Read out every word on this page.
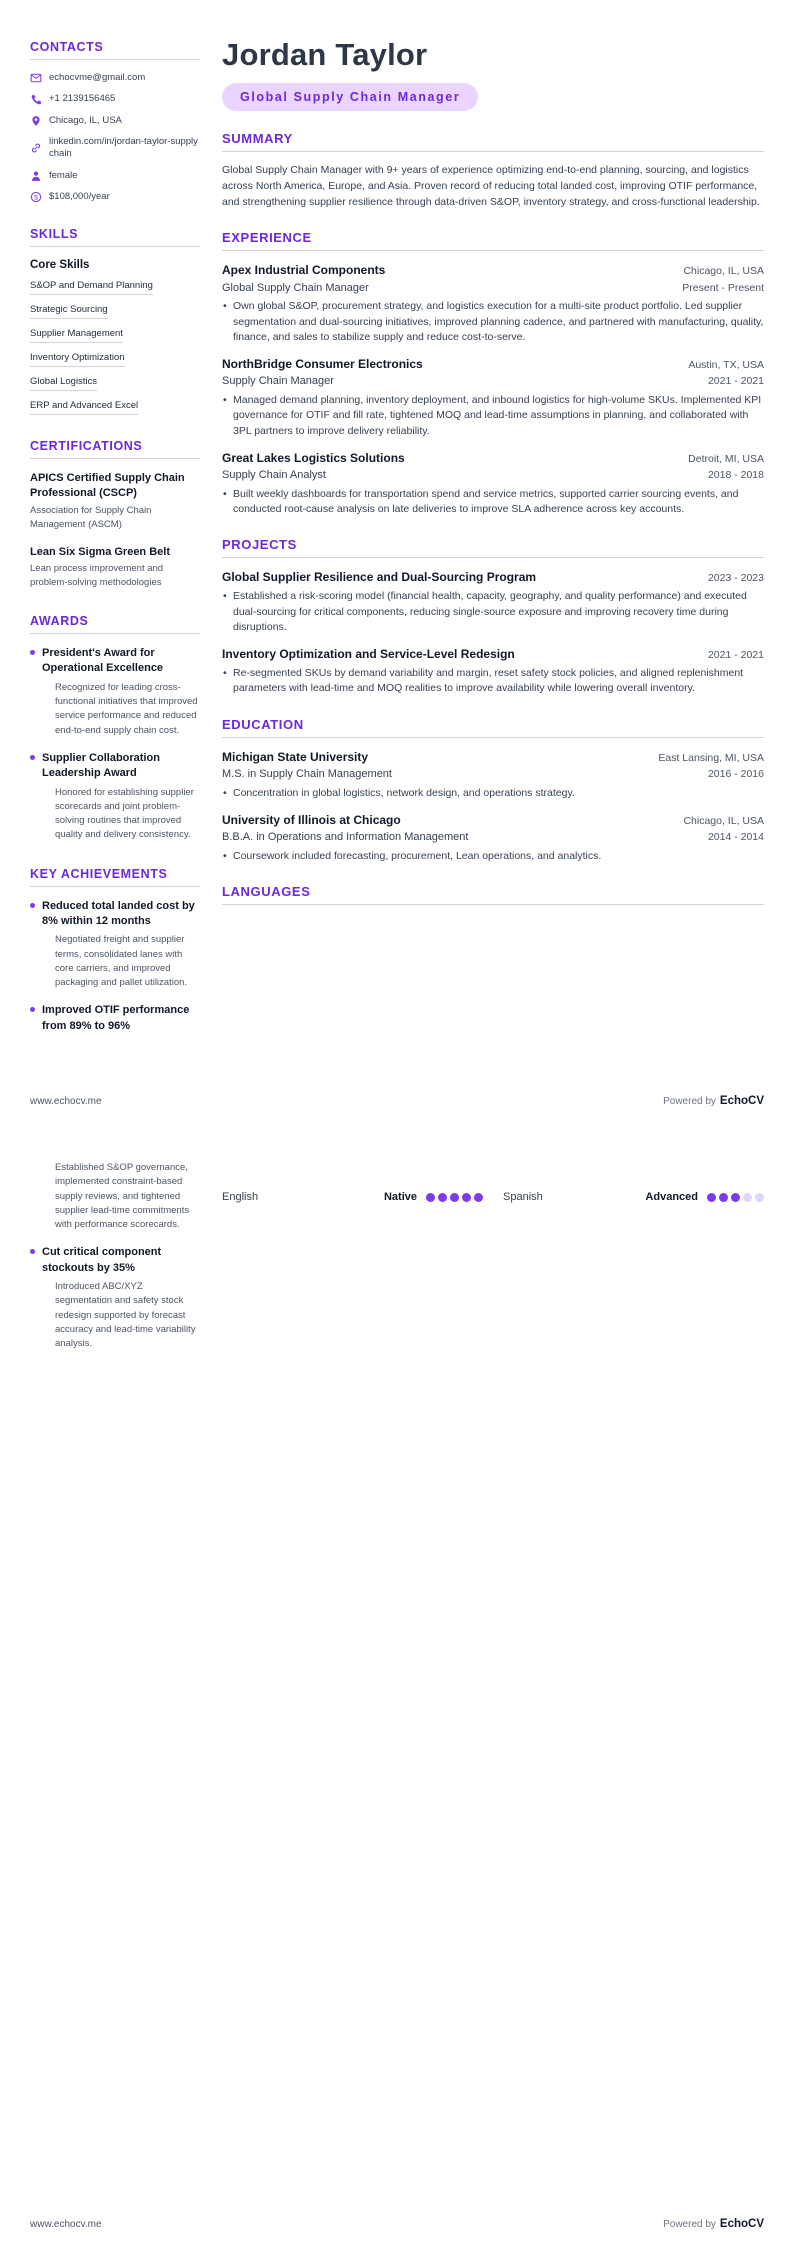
CONTACTS
echocvme@gmail.com
+1 2139156465
Chicago, IL, USA
linkedin.com/in/jordan-taylor-supplychain
female
$ $108,000/year
SKILLS
Core Skills
S&OP and Demand Planning
Strategic Sourcing
Supplier Management
Inventory Optimization
Global Logistics
ERP and Advanced Excel
CERTIFICATIONS
APICS Certified Supply Chain Professional (CSCP)
Association for Supply Chain Management (ASCM)
Lean Six Sigma Green Belt
Lean process improvement and problem-solving methodologies
AWARDS
President's Award for Operational Excellence
Recognized for leading cross-functional initiatives that improved service performance and reduced end-to-end supply chain cost.
Supplier Collaboration Leadership Award
Honored for establishing supplier scorecards and joint problem-solving routines that improved quality and delivery consistency.
KEY ACHIEVEMENTS
Reduced total landed cost by 8% within 12 months
Negotiated freight and supplier terms, consolidated lanes with core carriers, and improved packaging and pallet utilization.
Improved OTIF performance from 89% to 96%
Jordan Taylor
Global Supply Chain Manager
SUMMARY

Global Supply Chain Manager with 9+ years of experience optimizing end-to-end planning, sourcing, and logistics across North America, Europe, and Asia. Proven record of reducing total landed cost, improving OTIF performance, and strengthening supplier resilience through data-driven S&OP, inventory strategy, and cross-functional leadership.

EXPERIENCE
Apex Industrial Components	Chicago, IL, USA
Global Supply Chain Manager	Present - Present
• Own global S&OP, procurement strategy, and logistics execution for a multi-site product portfolio. Led supplier segmentation and dual-sourcing initiatives, improved planning cadence, and partnered with manufacturing, quality, finance, and sales to stabilize supply and reduce cost-to-serve.
NorthBridge Consumer Electronics	Austin, TX, USA
Supply Chain Manager	2021 - 2021
• Managed demand planning, inventory deployment, and inbound logistics for high-volume SKUs. Implemented KPI governance for OTIF and fill rate, tightened MOQ and lead-time assumptions in planning, and collaborated with 3PL partners to improve delivery reliability.
Great Lakes Logistics Solutions	Detroit, MI, USA
Supply Chain Analyst	2018 - 2018
• Built weekly dashboards for transportation spend and service metrics, supported carrier sourcing events, and conducted root-cause analysis on late deliveries to improve SLA adherence across key accounts.
PROJECTS
Global Supplier Resilience and Dual-Sourcing Program	2023 - 2023
• Established a risk-scoring model (financial health, capacity, geography, and quality performance) and executed dual-sourcing for critical components, reducing single-source exposure and improving recovery time during disruptions.
Inventory Optimization and Service-Level Redesign	2021 - 2021
• Re-segmented SKUs by demand variability and margin, reset safety stock policies, and aligned replenishment parameters with lead-time and MOQ realities to improve availability while lowering overall inventory.
EDUCATION
Michigan State University	East Lansing, MI, USA
M.S. in Supply Chain Management	2016 - 2016
• Concentration in global logistics, network design, and operations strategy.
University of Illinois at Chicago	Chicago, IL, USA
B.B.A. in Operations and Information Management	2014 - 2014
• Coursework included forecasting, procurement, Lean operations, and analytics.
LANGUAGES
www.echocv.me	Powered by EchoCV
Established S&OP governance, implemented constraint-based supply reviews, and tightened supplier lead-time commitments with performance scorecards.
Cut critical component stockouts by 35%
Introduced ABC/XYZ segmentation and safety stock redesign supported by forecast accuracy and lead-time variability analysis.
English	Native	Spanish	Advanced
www.echocv.me	Powered by EchoCV
